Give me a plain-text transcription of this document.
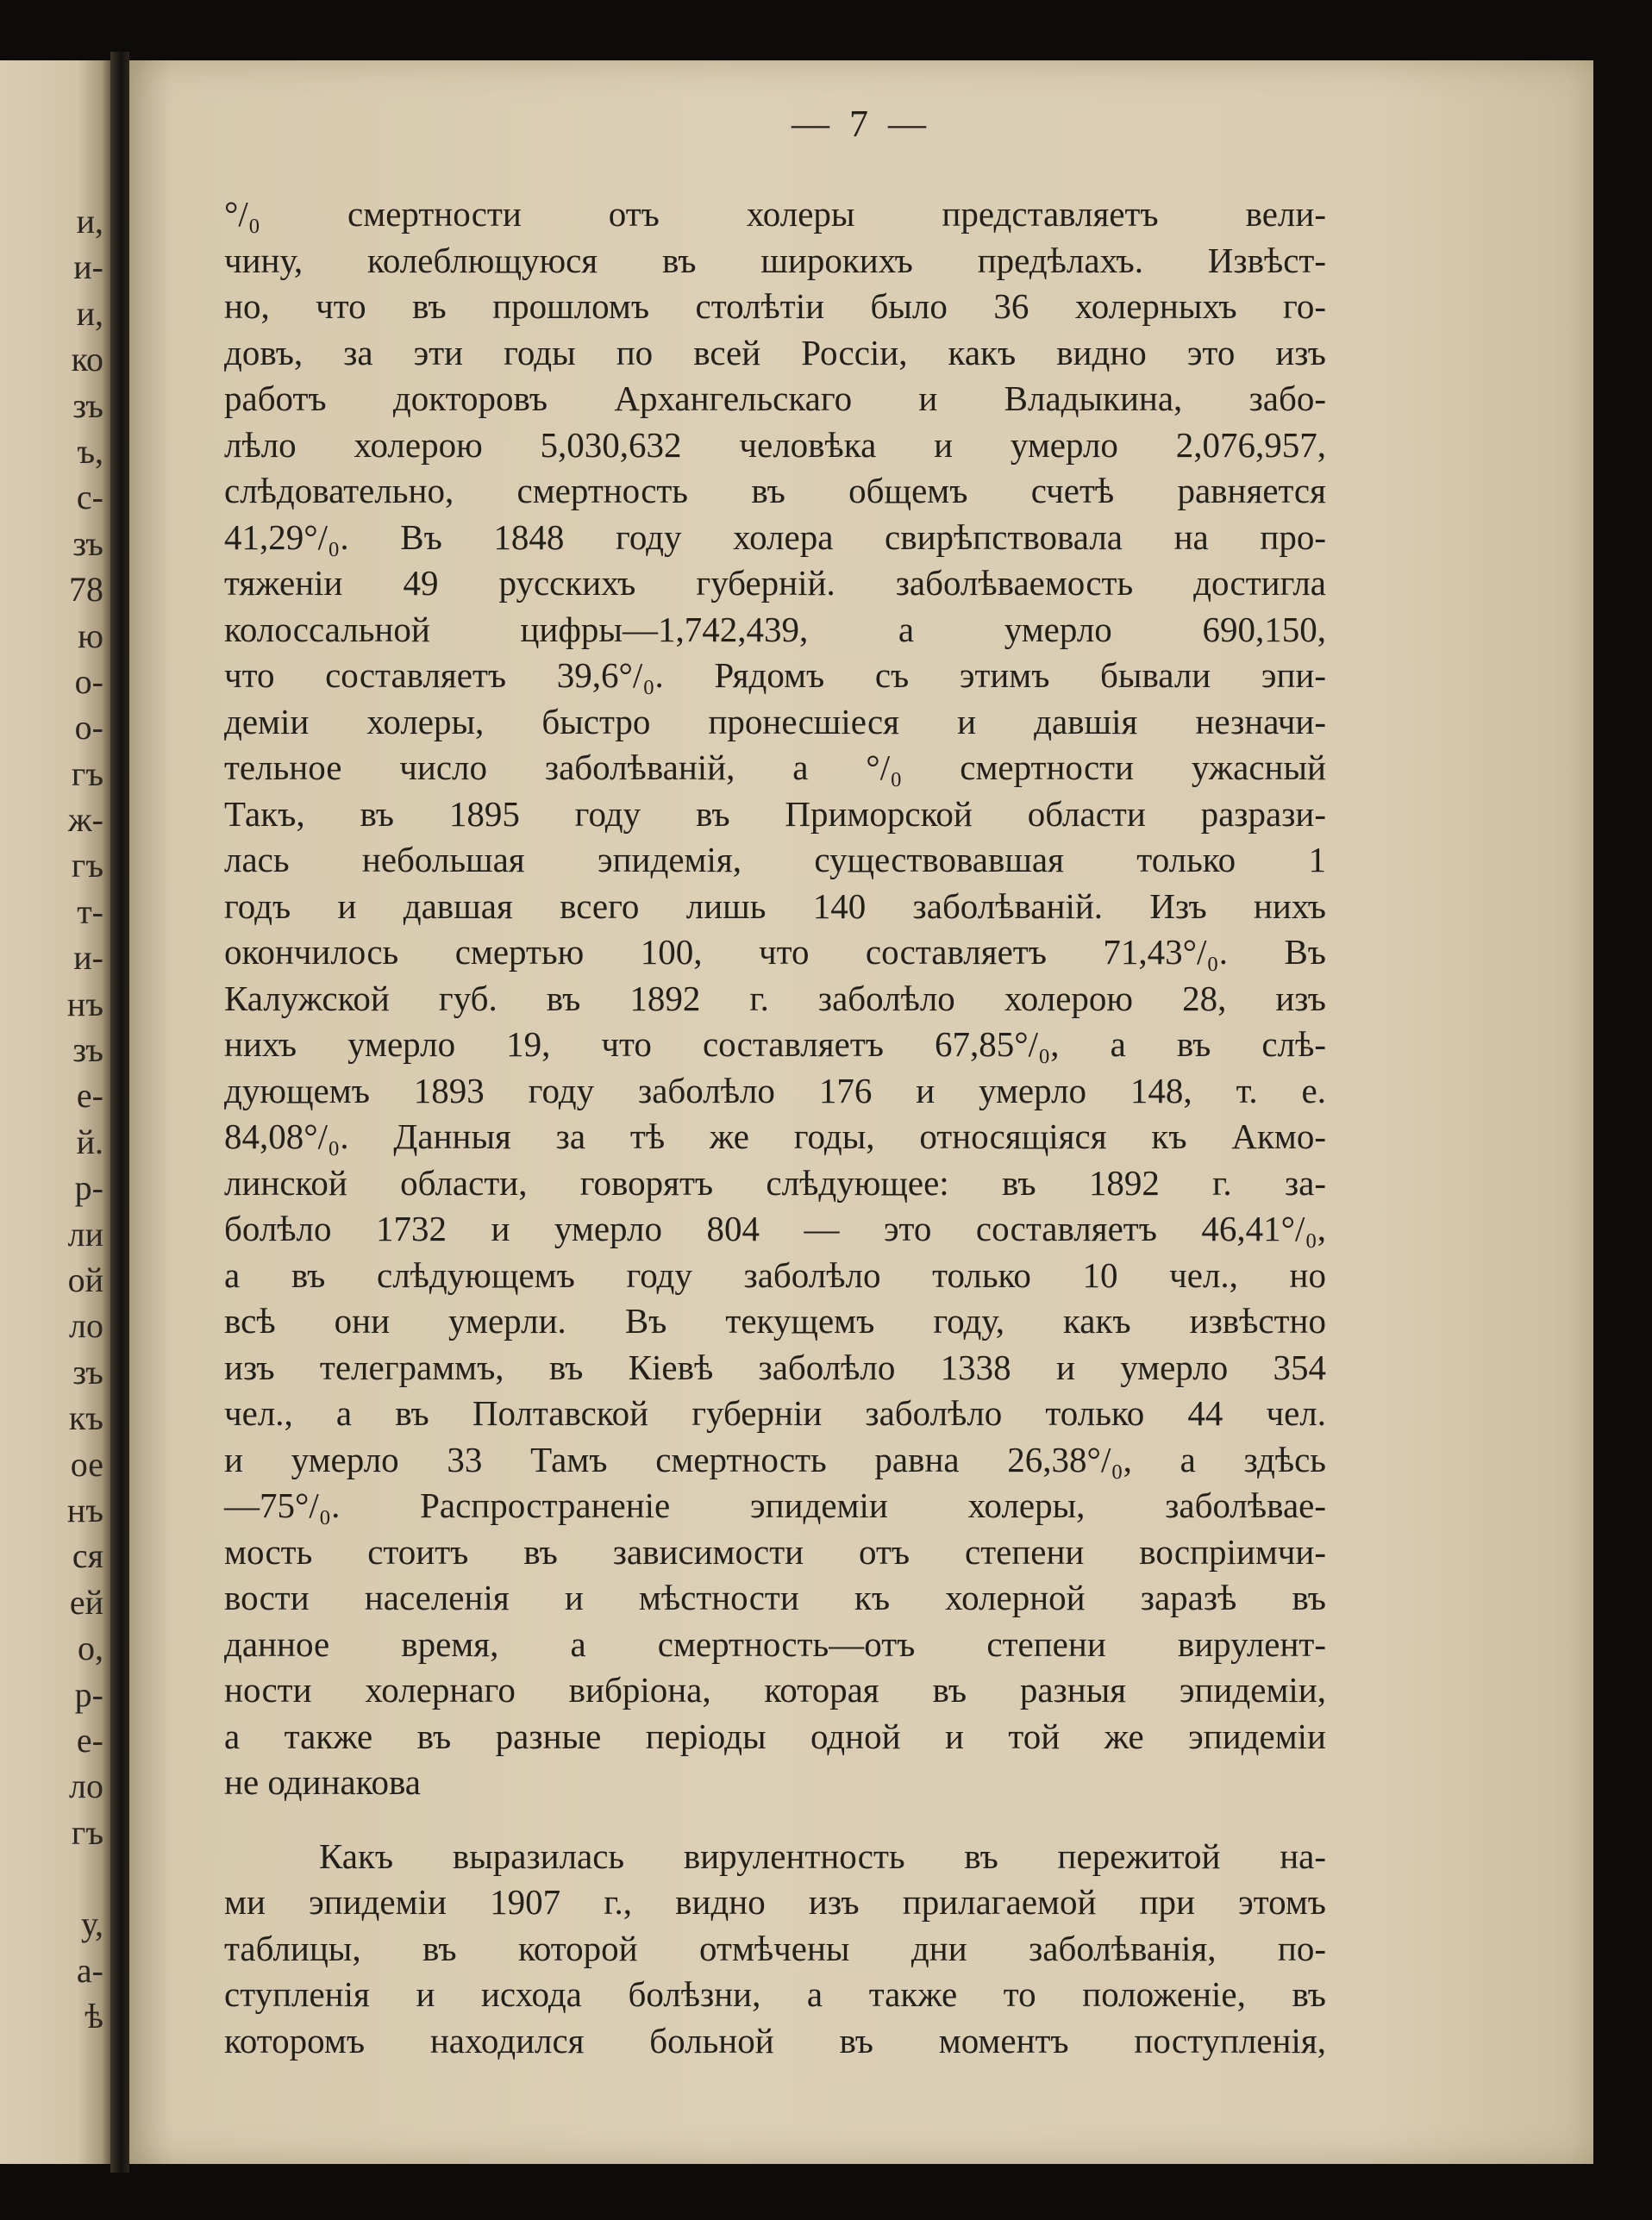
и,
и-
и,
ко
зъ
ъ,
с-
зъ
78
ю
о-
о-
гъ
ж-
гъ
т-
и-
нъ
зъ
е-
й.
р-
ли
ой
ло
зъ
къ
ое
нъ
ся
ей
о,
р-
е-
ло
гъ
у,
а-
ѣ
— 7 —
°/₀ смертности отъ холеры представляетъ вели-
чину, колеблющуюся въ широкихъ предѣлахъ. Извѣст-
но, что въ прошломъ столѣтіи было 36 холерныхъ го-
довъ, за эти годы по всей Россіи, какъ видно это изъ
работъ докторовъ Архангельскаго и Владыкина, забо-
лѣло холерою 5,030,632 человѣка и умерло 2,076,957,
слѣдовательно, смертность въ общемъ счетѣ равняется
41,29°/₀. Въ 1848 году холера свирѣпствовала на про-
тяженіи 49 русскихъ губерній. заболѣваемость достигла
колоссальной цифры—1,742,439, а умерло 690,150,
что составляетъ 39,6°/₀. Рядомъ съ этимъ бывали эпи-
деміи холеры, быстро пронесшіеся и давшія незначи-
тельное число заболѣваній, а °/₀ смертности ужасный
Такъ, въ 1895 году въ Приморской области разрази-
лась небольшая эпидемія, существовавшая только 1
годъ и давшая всего лишь 140 заболѣваній. Изъ нихъ
окончилось смертью 100, что составляетъ 71,43°/₀. Въ
Калужской губ. въ 1892 г. заболѣло холерою 28, изъ
нихъ умерло 19, что составляетъ 67,85°/₀, а въ слѣ-
дующемъ 1893 году заболѣло 176 и умерло 148, т. е.
84,08°/₀. Данныя за тѣ же годы, относящіяся къ Акмо-
линской области, говорятъ слѣдующее: въ 1892 г. за-
болѣло 1732 и умерло 804 — это составляетъ 46,41°/₀,
а въ слѣдующемъ году заболѣло только 10 чел., но
всѣ они умерли. Въ текущемъ году, какъ извѣстно
изъ телеграммъ, въ Кіевѣ заболѣло 1338 и умерло 354
чел., а въ Полтавской губерніи заболѣло только 44 чел.
и умерло 33 Тамъ смертность равна 26,38°/₀, а здѣсь
—75°/₀. Распространеніе эпидеміи холеры, заболѣвае-
мость стоитъ въ зависимости отъ степени воспріимчи-
вости населенія и мѣстности къ холерной заразѣ въ
данное время, а смертность—отъ степени вирулент-
ности холернаго вибріона, которая въ разныя эпидеміи,
а также въ разные періоды одной и той же эпидеміи
не одинакова
Какъ выразилась вирулентность въ пережитой на-
ми эпидеміи 1907 г., видно изъ прилагаемой при этомъ
таблицы, въ которой отмѣчены дни заболѣванія, по-
ступленія и исхода болѣзни, а также то положеніе, въ
которомъ находился больной въ моментъ поступленія,
